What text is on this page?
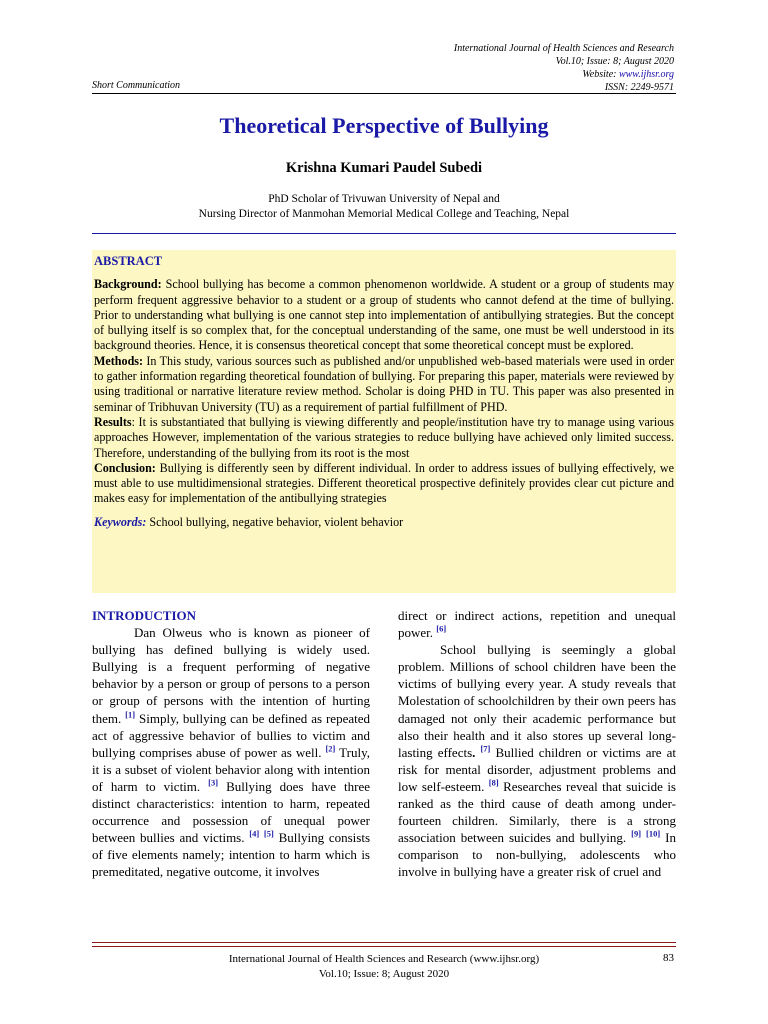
International Journal of Health Sciences and Research
Vol.10; Issue: 8; August 2020
Website: www.ijhsr.org
ISSN: 2249-9571
Short Communication
Theoretical Perspective of Bullying
Krishna Kumari Paudel Subedi
PhD Scholar of Trivuwan University of Nepal and
Nursing Director of Manmohan Memorial Medical College and Teaching, Nepal
ABSTRACT

Background: School bullying has become a common phenomenon worldwide. A student or a group of students may perform frequent aggressive behavior to a student or a group of students who cannot defend at the time of bullying. Prior to understanding what bullying is one cannot step into implementation of antibullying strategies. But the concept of bullying itself is so complex that, for the conceptual understanding of the same, one must be well understood in its background theories. Hence, it is consensus theoretical concept that some theoretical concept must be explored.

Methods: In This study, various sources such as published and/or unpublished web-based materials were used in order to gather information regarding theoretical foundation of bullying. For preparing this paper, materials were reviewed by using traditional or narrative literature review method. Scholar is doing PHD in TU. This paper was also presented in seminar of Tribhuvan University (TU) as a requirement of partial fulfillment of PHD.

Results: It is substantiated that bullying is viewing differently and people/institution have try to manage using various approaches However, implementation of the various strategies to reduce bullying have achieved only limited success. Therefore, understanding of the bullying from its root is the most

Conclusion: Bullying is differently seen by different individual. In order to address issues of bullying effectively, we must able to use multidimensional strategies. Different theoretical prospective definitely provides clear cut picture and makes easy for implementation of the antibullying strategies

Keywords: School bullying, negative behavior, violent behavior

INTRODUCTION

Dan Olweus who is known as pioneer of bullying has defined bullying is widely used. Bullying is a frequent performing of negative behavior by a person or group of persons to a person or group of persons with the intention of hurting them. [1] Simply, bullying can be defined as repeated act of aggressive behavior of bullies to victim and bullying comprises abuse of power as well. [2] Truly, it is a subset of violent behavior along with intention of harm to victim. [3] Bullying does have three distinct characteristics: intention to harm, repeated occurrence and possession of unequal power between bullies and victims. [4] [5] Bullying consists of five elements namely; intention to harm which is premeditated, negative outcome, it involves

direct or indirect actions, repetition and unequal power. [6]

School bullying is seemingly a global problem. Millions of school children have been the victims of bullying every year. A study reveals that Molestation of schoolchildren by their own peers has damaged not only their academic performance but also their health and it also stores up several long-lasting effects. [7] Bullied children or victims are at risk for mental disorder, adjustment problems and low self-esteem. [8] Researches reveal that suicide is ranked as the third cause of death among under- fourteen children. Similarly, there is a strong association between suicides and bullying. [9] [10] In comparison to non-bullying, adolescents who involve in bullying have a greater risk of cruel and

International Journal of Health Sciences and Research (www.ijhsr.org)
Vol.10; Issue: 8; August 2020
83
